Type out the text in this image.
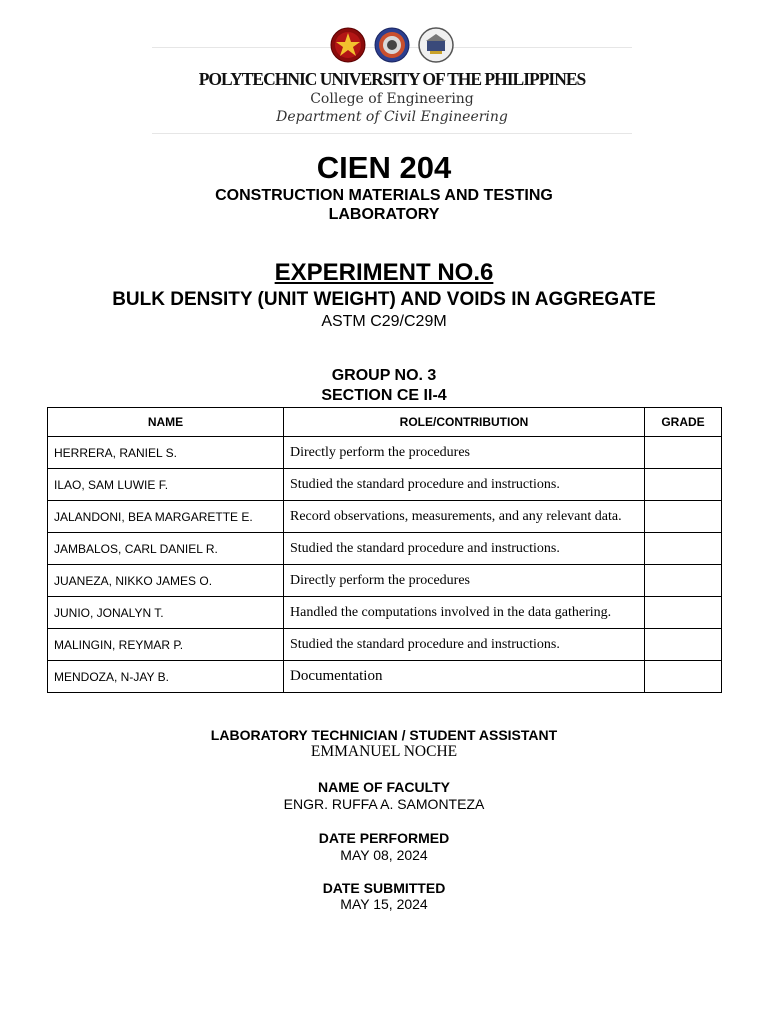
POLYTECHNIC UNIVERSITY OF THE PHILIPPINES
College of Engineering
Department of Civil Engineering
CIEN 204
CONSTRUCTION MATERIALS AND TESTING
LABORATORY
EXPERIMENT NO.6
BULK DENSITY (UNIT WEIGHT) AND VOIDS IN AGGREGATE
ASTM C29/C29M
GROUP NO. 3
SECTION CE II-4
NAME	ROLE/CONTRIBUTION	GRADE
HERRERA, RANIEL S.	Directly perform the procedures	
ILAO, SAM LUWIE F.	Studied the standard procedure and instructions.	
JALANDONI, BEA MARGARETTE E.	Record observations, measurements, and any relevant data.	
JAMBALOS, CARL DANIEL R.	Studied the standard procedure and instructions.	
JUANEZA, NIKKO JAMES O.	Directly perform the procedures	
JUNIO, JONALYN T.	Handled the computations involved in the data gathering.	
MALINGIN, REYMAR P.	Studied the standard procedure and instructions.	
MENDOZA, N-JAY B.	Documentation	
LABORATORY TECHNICIAN / STUDENT ASSISTANT
EMMANUEL NOCHE
NAME OF FACULTY
ENGR. RUFFA A. SAMONTEZA
DATE PERFORMED
MAY 08, 2024
DATE SUBMITTED
MAY 15, 2024
